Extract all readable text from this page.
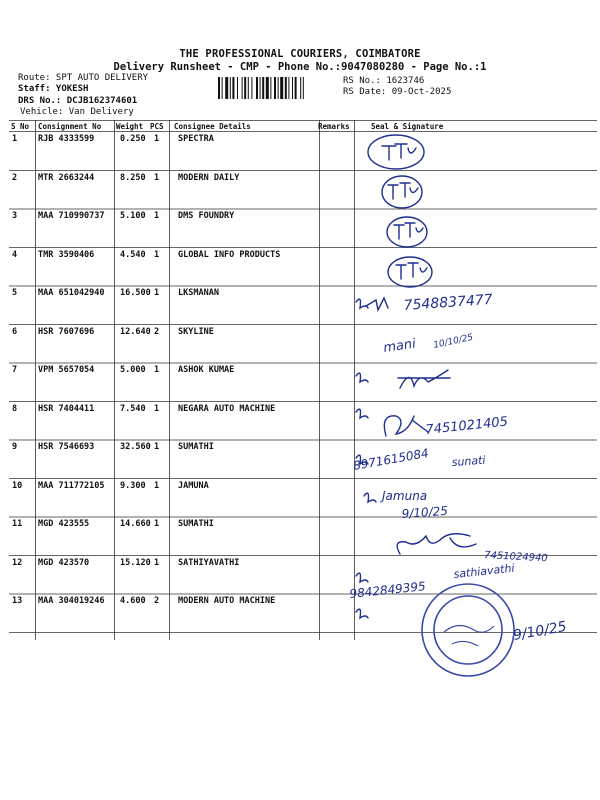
THE PROFESSIONAL COURIERS, COIMBATORE
Delivery Runsheet - CMP - Phone No.:9047080280 - Page No.:1
Route: SPT AUTO DELIVERY
Staff: YOKESH
DRS No.: DCJB162374601
Vehicle: Van Delivery
RS No.: 1623746
RS Date: 09-Oct-2025
S No Consignment No Weight PCS Consignee Details	Remarks	Seal & Signature
1 RJB 4333599	0.250 1 SPECTRA
2 MTR 2663244	8.250 1 MODERN DAILY
3 MAA 710990737 5.100 1 DMS FOUNDRY
4 TMR 3590406	4.540 1 GLOBAL INFO PRODUCTS
5 MAA 651042940 16.500 1 LKSMANAN
6 HSR 7607696	12.640 2 SKYLINE
7 VPM 5657054	5.000 1 ASHOK KUMAE
8 HSR 7404411	7.540 1 NEGARA AUTO MACHINE
9 HSR 7546693	32.560 1 SUMATHI
10 MAA 711772105 9.300 1 JAMUNA
11 MGD 423555	14.660 1 SUMATHI
12 MGD 423570	15.120 1 SATHIYAVATHI
13 MAA 304019246 4.600 2 MODERN AUTO MACHINE
7548837477
mani 10/10/25
7451021405
8971615084 sunati
Jamuna
9/10/25
7451024940
9842849395
sathiavathi
9/10/25
